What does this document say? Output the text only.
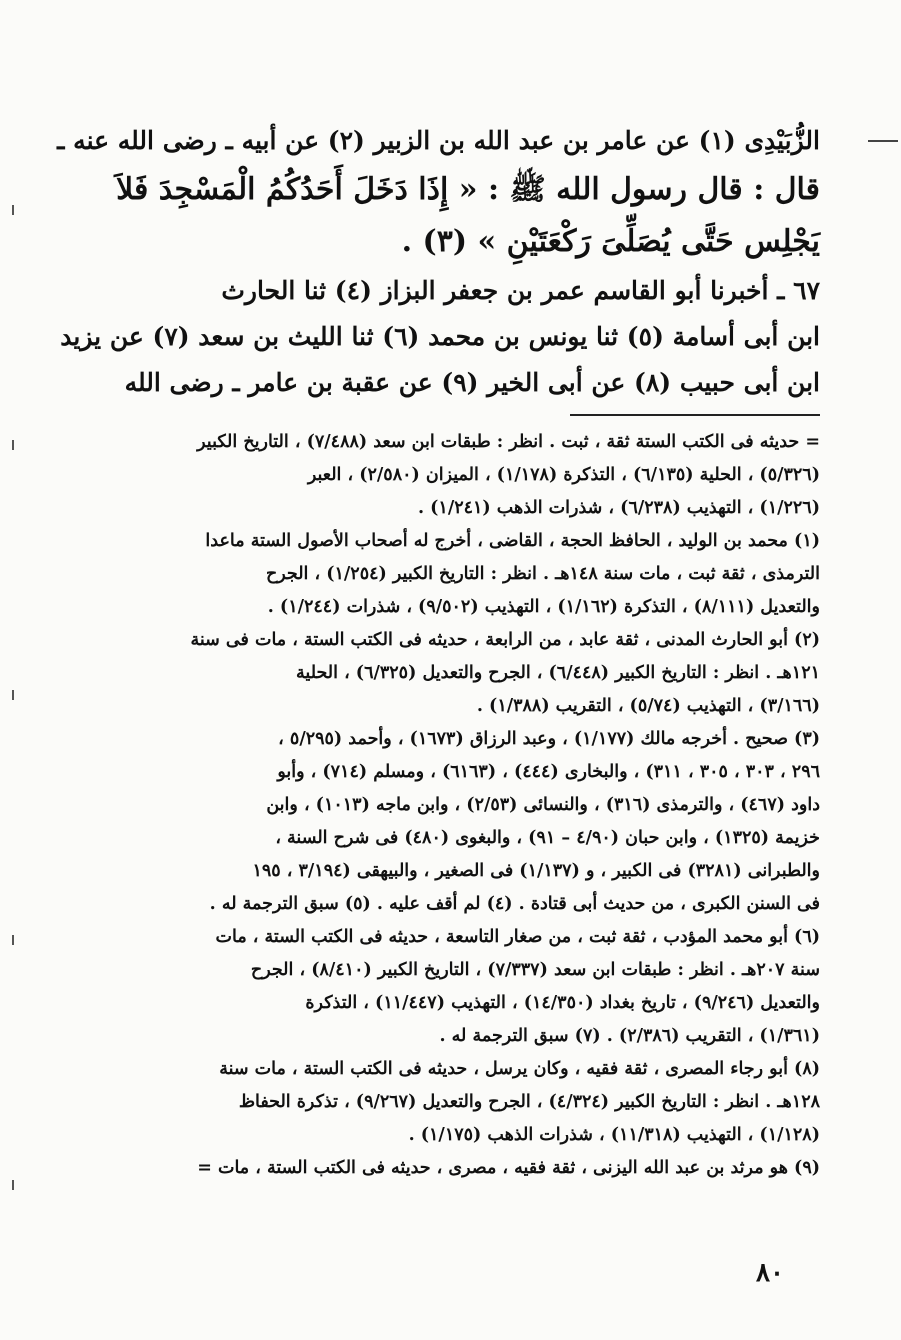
الزُّبَيْدِى (١) عن عامر بن عبد الله بن الزبير (٢) عن أبيه ـ رضى الله عنه ـ
قال : قال رسول الله ﷺ : « إِذَا دَخَلَ أَحَدُكُمُ الْمَسْجِدَ فَلاَ
يَجْلِس حَتَّى يُصَلِّىَ رَكْعَتَيْنِ » (٣) .
٦٧ ـ أخبرنا أبو القاسم عمر بن جعفر البزاز (٤) ثنا الحارث
ابن أبى أسامة (٥) ثنا يونس بن محمد (٦) ثنا الليث بن سعد (٧) عن يزيد
ابن أبى حبيب (٨) عن أبى الخير (٩) عن عقبة بن عامر ـ رضى الله
= حديثه فى الكتب الستة ثقة ، ثبت . انظر : طبقات ابن سعد (٧/٤٨٨) ، التاريخ الكبير
(٥/٣٢٦) ، الحلية (٦/١٣٥) ، التذكرة (١/١٧٨) ، الميزان (٢/٥٨٠) ، العبر
(١/٢٢٦) ، التهذيب (٦/٢٣٨) ، شذرات الذهب (١/٢٤١) .
(١) محمد بن الوليد ، الحافظ الحجة ، القاضى ، أخرج له أصحاب الأصول الستة ماعدا
الترمذى ، ثقة ثبت ، مات سنة ١٤٨هـ . انظر : التاريخ الكبير (١/٢٥٤) ، الجرح
والتعديل (٨/١١١) ، التذكرة (١/١٦٢) ، التهذيب (٩/٥٠٢) ، شذرات (١/٢٤٤) .
(٢) أبو الحارث المدنى ، ثقة عابد ، من الرابعة ، حديثه فى الكتب الستة ، مات فى سنة
١٢١هـ . انظر : التاريخ الكبير (٦/٤٤٨) ، الجرح والتعديل (٦/٣٢٥) ، الحلية
(٣/١٦٦) ، التهذيب (٥/٧٤) ، التقريب (١/٣٨٨) .
(٣) صحيح . أخرجه مالك (١/١٧٧) ، وعبد الرزاق (١٦٧٣) ، وأحمد (٥/٢٩٥ ،
٢٩٦ ، ٣٠٣ ، ٣٠٥ ، ٣١١) ، والبخارى (٤٤٤) ، (٦١٦٣) ، ومسلم (٧١٤) ، وأبو
داود (٤٦٧) ، والترمذى (٣١٦) ، والنسائى (٢/٥٣) ، وابن ماجه (١٠١٣) ، وابن
خزيمة (١٣٢٥) ، وابن حبان (٤/٩٠ – ٩١) ، والبغوى (٤٨٠) فى شرح السنة ،
والطبرانى (٣٢٨١) فى الكبير ، و (١/١٣٧) فى الصغير ، والبيهقى (٣/١٩٤ ، ١٩٥
فى السنن الكبرى ، من حديث أبى قتادة . (٤) لم أقف عليه . (٥) سبق الترجمة له .
(٦) أبو محمد المؤدب ، ثقة ثبت ، من صغار التاسعة ، حديثه فى الكتب الستة ، مات
سنة ٢٠٧هـ . انظر : طبقات ابن سعد (٧/٣٣٧) ، التاريخ الكبير (٨/٤١٠) ، الجرح
والتعديل (٩/٢٤٦) ، تاريخ بغداد (١٤/٣٥٠) ، التهذيب (١١/٤٤٧) ، التذكرة
(١/٣٦١) ، التقريب (٢/٣٨٦) . (٧) سبق الترجمة له .
(٨) أبو رجاء المصرى ، ثقة فقيه ، وكان يرسل ، حديثه فى الكتب الستة ، مات سنة
١٢٨هـ . انظر : التاريخ الكبير (٤/٣٢٤) ، الجرح والتعديل (٩/٢٦٧) ، تذكرة الحفاظ
(١/١٢٨) ، التهذيب (١١/٣١٨) ، شذرات الذهب (١/١٧٥) .
(٩) هو مرثد بن عبد الله اليزنى ، ثقة فقيه ، مصرى ، حديثه فى الكتب الستة ، مات =
٨٠
